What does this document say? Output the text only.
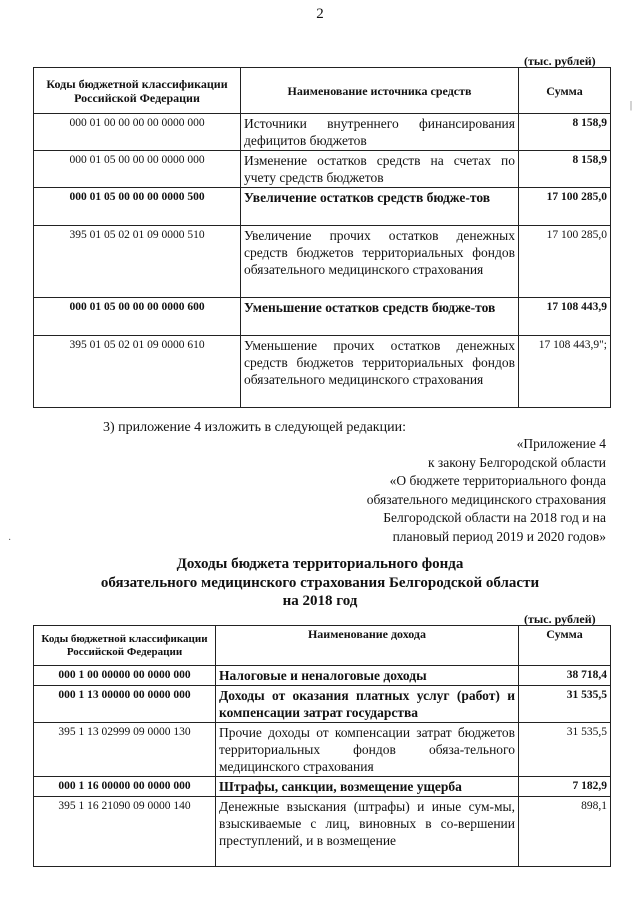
2
(тыс. рублей)
Коды бюджетной классификации Российской Федерации	Наименование источника средств	Сумма
000 01 00 00 00 00 0000 000	Источники внутреннего финансирования дефицитов бюджетов	8 158,9
000 01 05 00 00 00 0000 000	Изменение остатков средств на счетах по учету средств бюджетов	8 158,9
000 01 05 00 00 00 0000 500	Увеличение остатков средств бюдже-тов	17 100 285,0
395 01 05 02 01 09 0000 510	Увеличение прочих остатков денежных средств бюджетов территориальных фондов обязательного медицинского страхования	17 100 285,0
000 01 05 00 00 00 0000 600	Уменьшение остатков средств бюдже-тов	17 108 443,9
395 01 05 02 01 09 0000 610	Уменьшение прочих остатков денежных средств бюджетов территориальных фондов обязательного медицинского страхования	17 108 443,9";
3) приложение 4 изложить в следующей редакции:
«Приложение 4
к закону Белгородской области
«О бюджете территориального фонда
обязательного медицинского страхования
Белгородской области на 2018 год и на
плановый период 2019 и 2020 годов»
Доходы бюджета территориального фонда
обязательного медицинского страхования Белгородской области
на 2018 год
(тыс. рублей)
Коды бюджетной классификации Российской Федерации	Наименование дохода	Сумма
000 1 00 00000 00 0000 000	Налоговые и неналоговые доходы	38 718,4
000 1 13 00000 00 0000 000	Доходы от оказания платных услуг (работ) и компенсации затрат государства	31 535,5
395 1 13 02999 09 0000 130	Прочие доходы от компенсации затрат бюджетов территориальных фондов обяза-тельного медицинского страхования	31 535,5
000 1 16 00000 00 0000 000	Штрафы, санкции, возмещение ущерба	7 182,9
395 1 16 21090 09 0000 140	Денежные взыскания (штрафы) и иные сум-мы, взыскиваемые с лиц, виновных в со-вершении преступлений, и в возмещение	898,1
|
·
